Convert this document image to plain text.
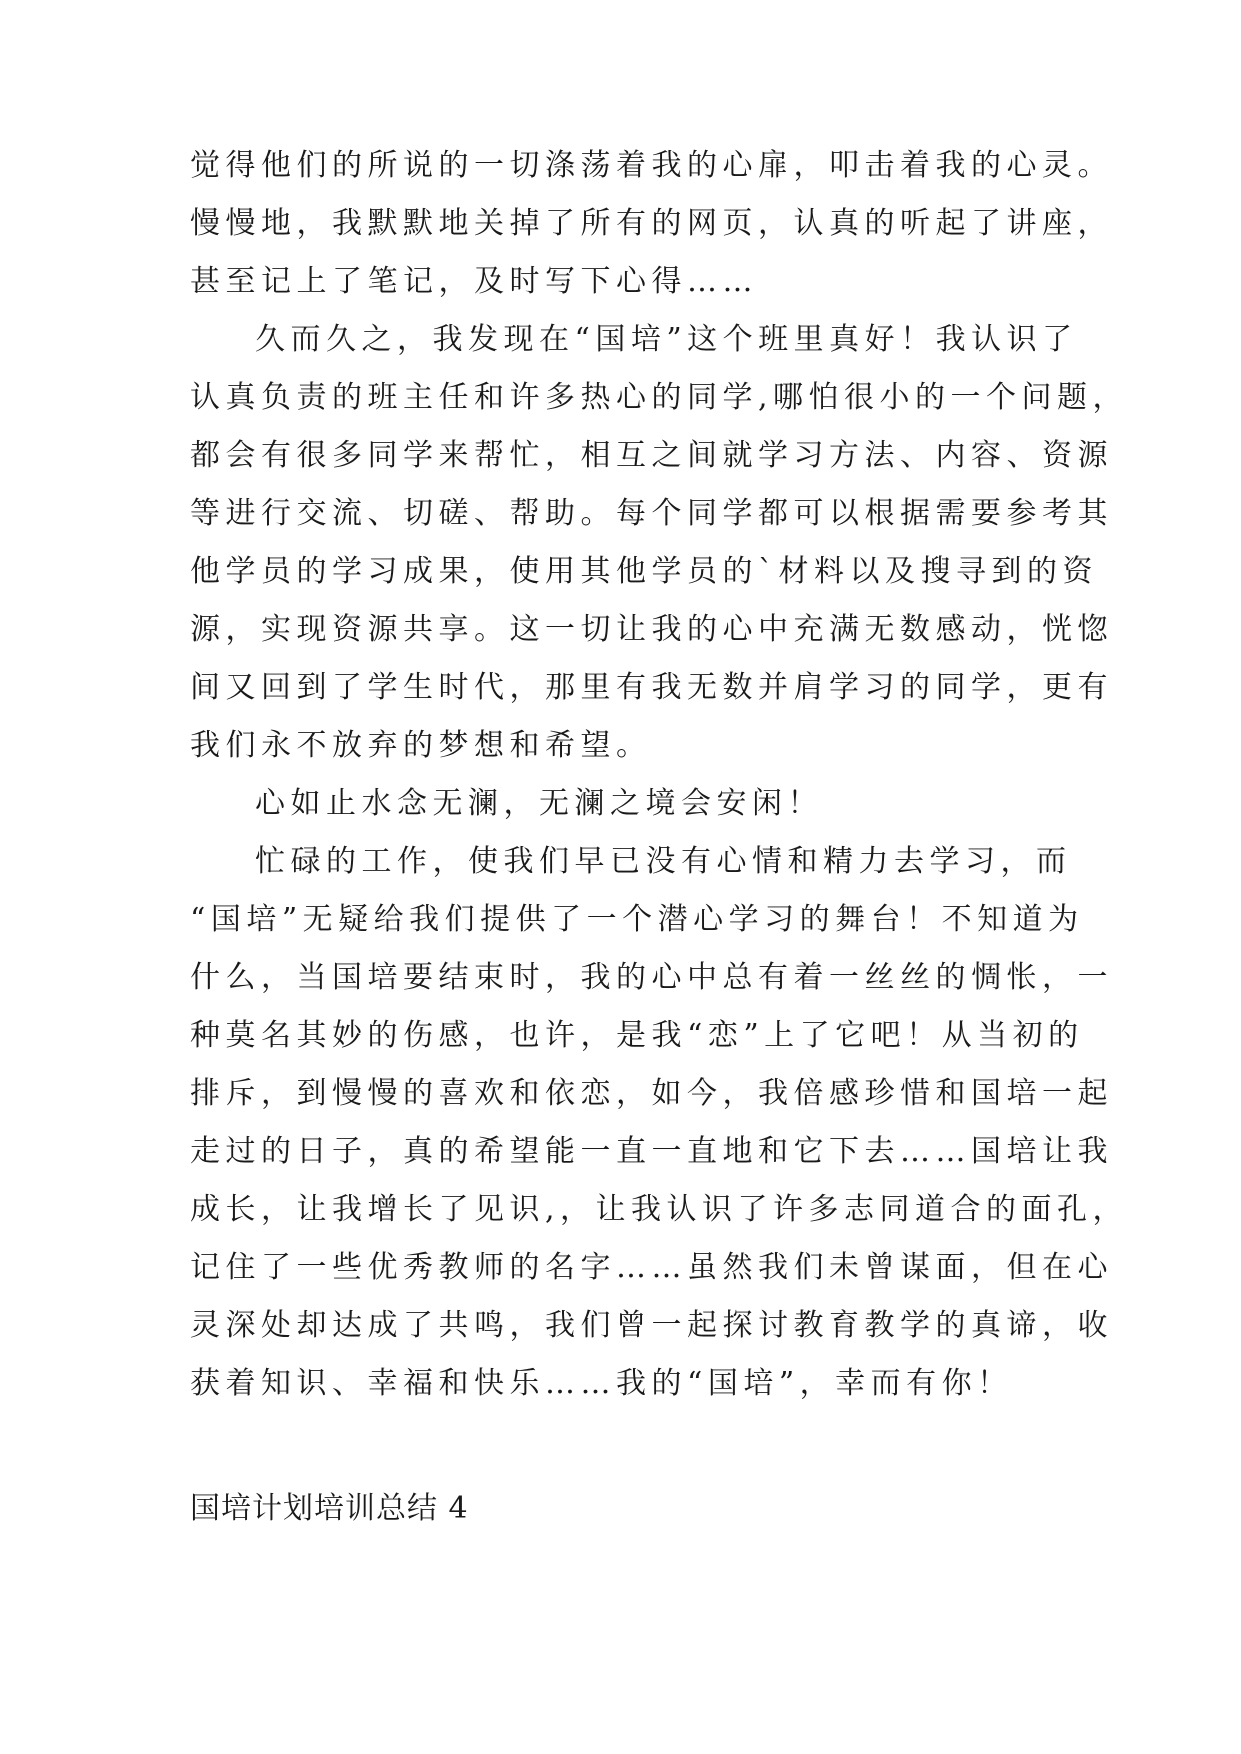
觉得他们的所说的一切涤荡着我的心扉，叩击着我的心灵。
慢慢地，我默默地关掉了所有的网页，认真的听起了讲座，
甚至记上了笔记，及时写下心得……
久而久之，我发现在“国培”这个班里真好！我认识了
认真负责的班主任和许多热心的同学,哪怕很小的一个问题，
都会有很多同学来帮忙，相互之间就学习方法、内容、资源
等进行交流、切磋、帮助。每个同学都可以根据需要参考其
他学员的学习成果，使用其他学员的`材料以及搜寻到的资
源，实现资源共享。这一切让我的心中充满无数感动，恍惚
间又回到了学生时代，那里有我无数并肩学习的同学，更有
我们永不放弃的梦想和希望。
心如止水念无澜，无澜之境会安闲！
忙碌的工作，使我们早已没有心情和精力去学习，而
“国培”无疑给我们提供了一个潜心学习的舞台！不知道为
什么，当国培要结束时，我的心中总有着一丝丝的惆怅，一
种莫名其妙的伤感，也许，是我“恋”上了它吧！从当初的
排斥，到慢慢的喜欢和依恋，如今，我倍感珍惜和国培一起
走过的日子，真的希望能一直一直地和它下去……国培让我
成长，让我增长了见识,，让我认识了许多志同道合的面孔，
记住了一些优秀教师的名字……虽然我们未曾谋面，但在心
灵深处却达成了共鸣，我们曾一起探讨教育教学的真谛，收
获着知识、幸福和快乐……我的“国培”，幸而有你！
国培计划培训总结 4
